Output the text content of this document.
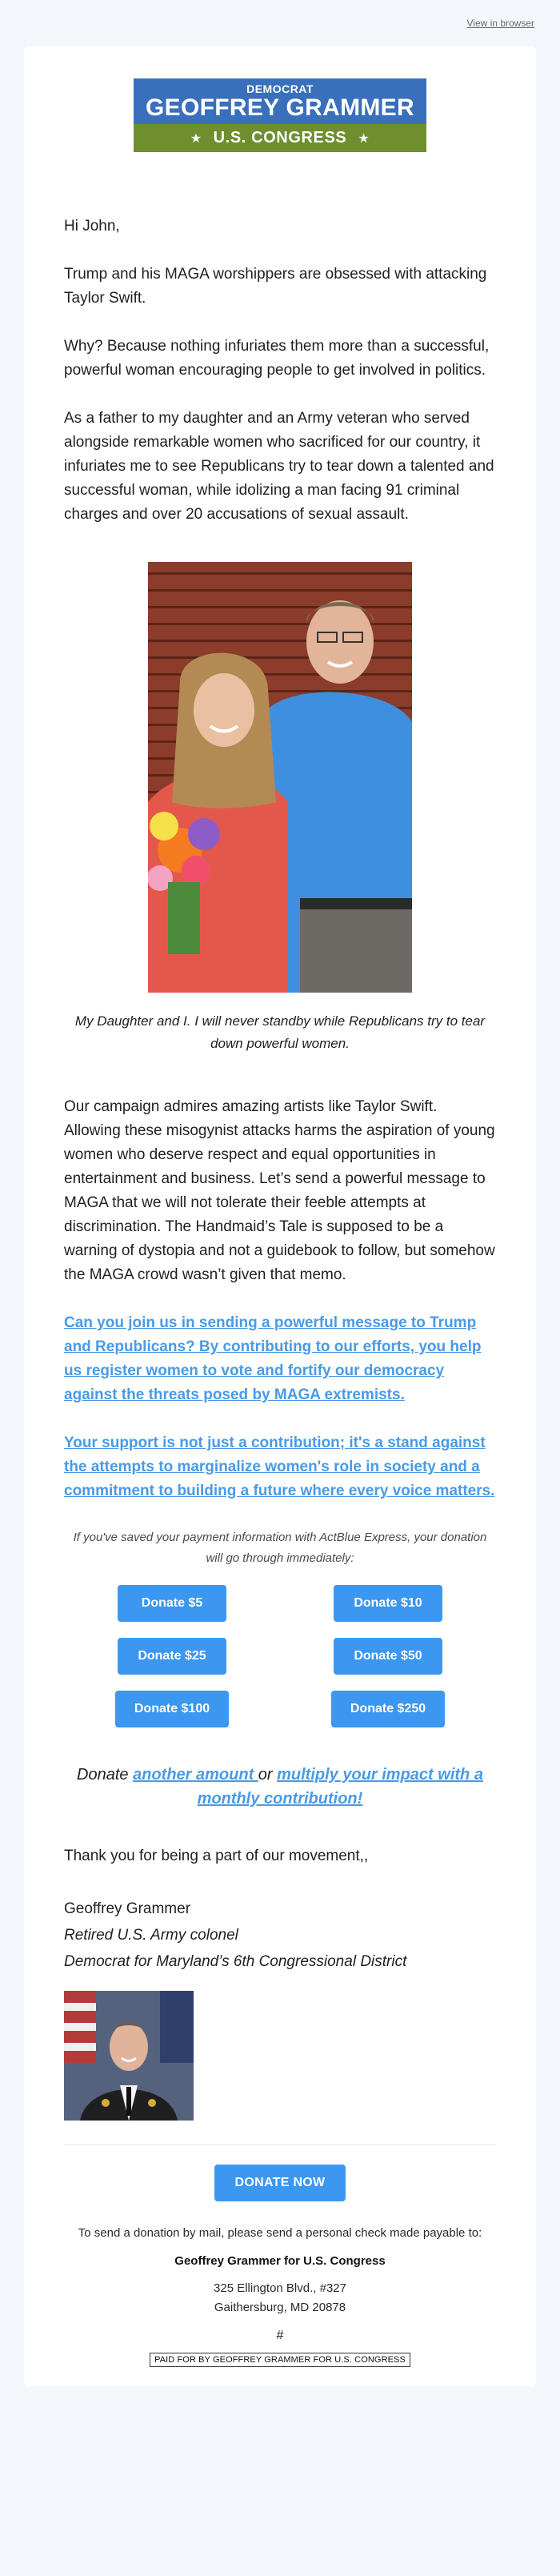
View in browser
DEMOCRAT
GEOFFREY GRAMMER
★ U.S. CONGRESS ★

Hi John,

Trump and his MAGA worshippers are obsessed with attacking Taylor Swift.

Why? Because nothing infuriates them more than a successful, powerful woman encouraging people to get involved in politics.

As a father to my daughter and an Army veteran who served alongside remarkable women who sacrificed for our country, it infuriates me to see Republicans try to tear down a talented and successful woman, while idolizing a man facing 91 criminal charges and over 20 accusations of sexual assault.

My Daughter and I. I will never standby while Republicans try to tear down powerful women.

Our campaign admires amazing artists like Taylor Swift. Allowing these misogynist attacks harms the aspiration of young women who deserve respect and equal opportunities in entertainment and business. Let’s send a powerful message to MAGA that we will not tolerate their feeble attempts at discrimination. The Handmaid’s Tale is supposed to be a warning of dystopia and not a guidebook to follow, but somehow the MAGA crowd wasn’t given that memo.

Can you join us in sending a powerful message to Trump and Republicans? By contributing to our efforts, you help us register women to vote and fortify our democracy against the threats posed by MAGA extremists.
Your support is not just a contribution; it's a stand against the attempts to marginalize women's role in society and a commitment to building a future where every voice matters.

If you've saved your payment information with ActBlue Express, your donation will go through immediately:

Donate $5	Donate $10
Donate $25	Donate $50
Donate $100	Donate $250

Donate another amount or multiply your impact with a monthly contribution!

Thank you for being a part of our movement,,

Geoffrey Grammer
Retired U.S. Army colonel
Democrat for Maryland’s 6th Congressional District
DONATE NOW

To send a donation by mail, please send a personal check made payable to:

Geoffrey Grammer for U.S. Congress

325 Ellington Blvd., #327
Gaithersburg, MD 20878

#

PAID FOR BY GEOFFREY GRAMMER FOR U.S. CONGRESS
